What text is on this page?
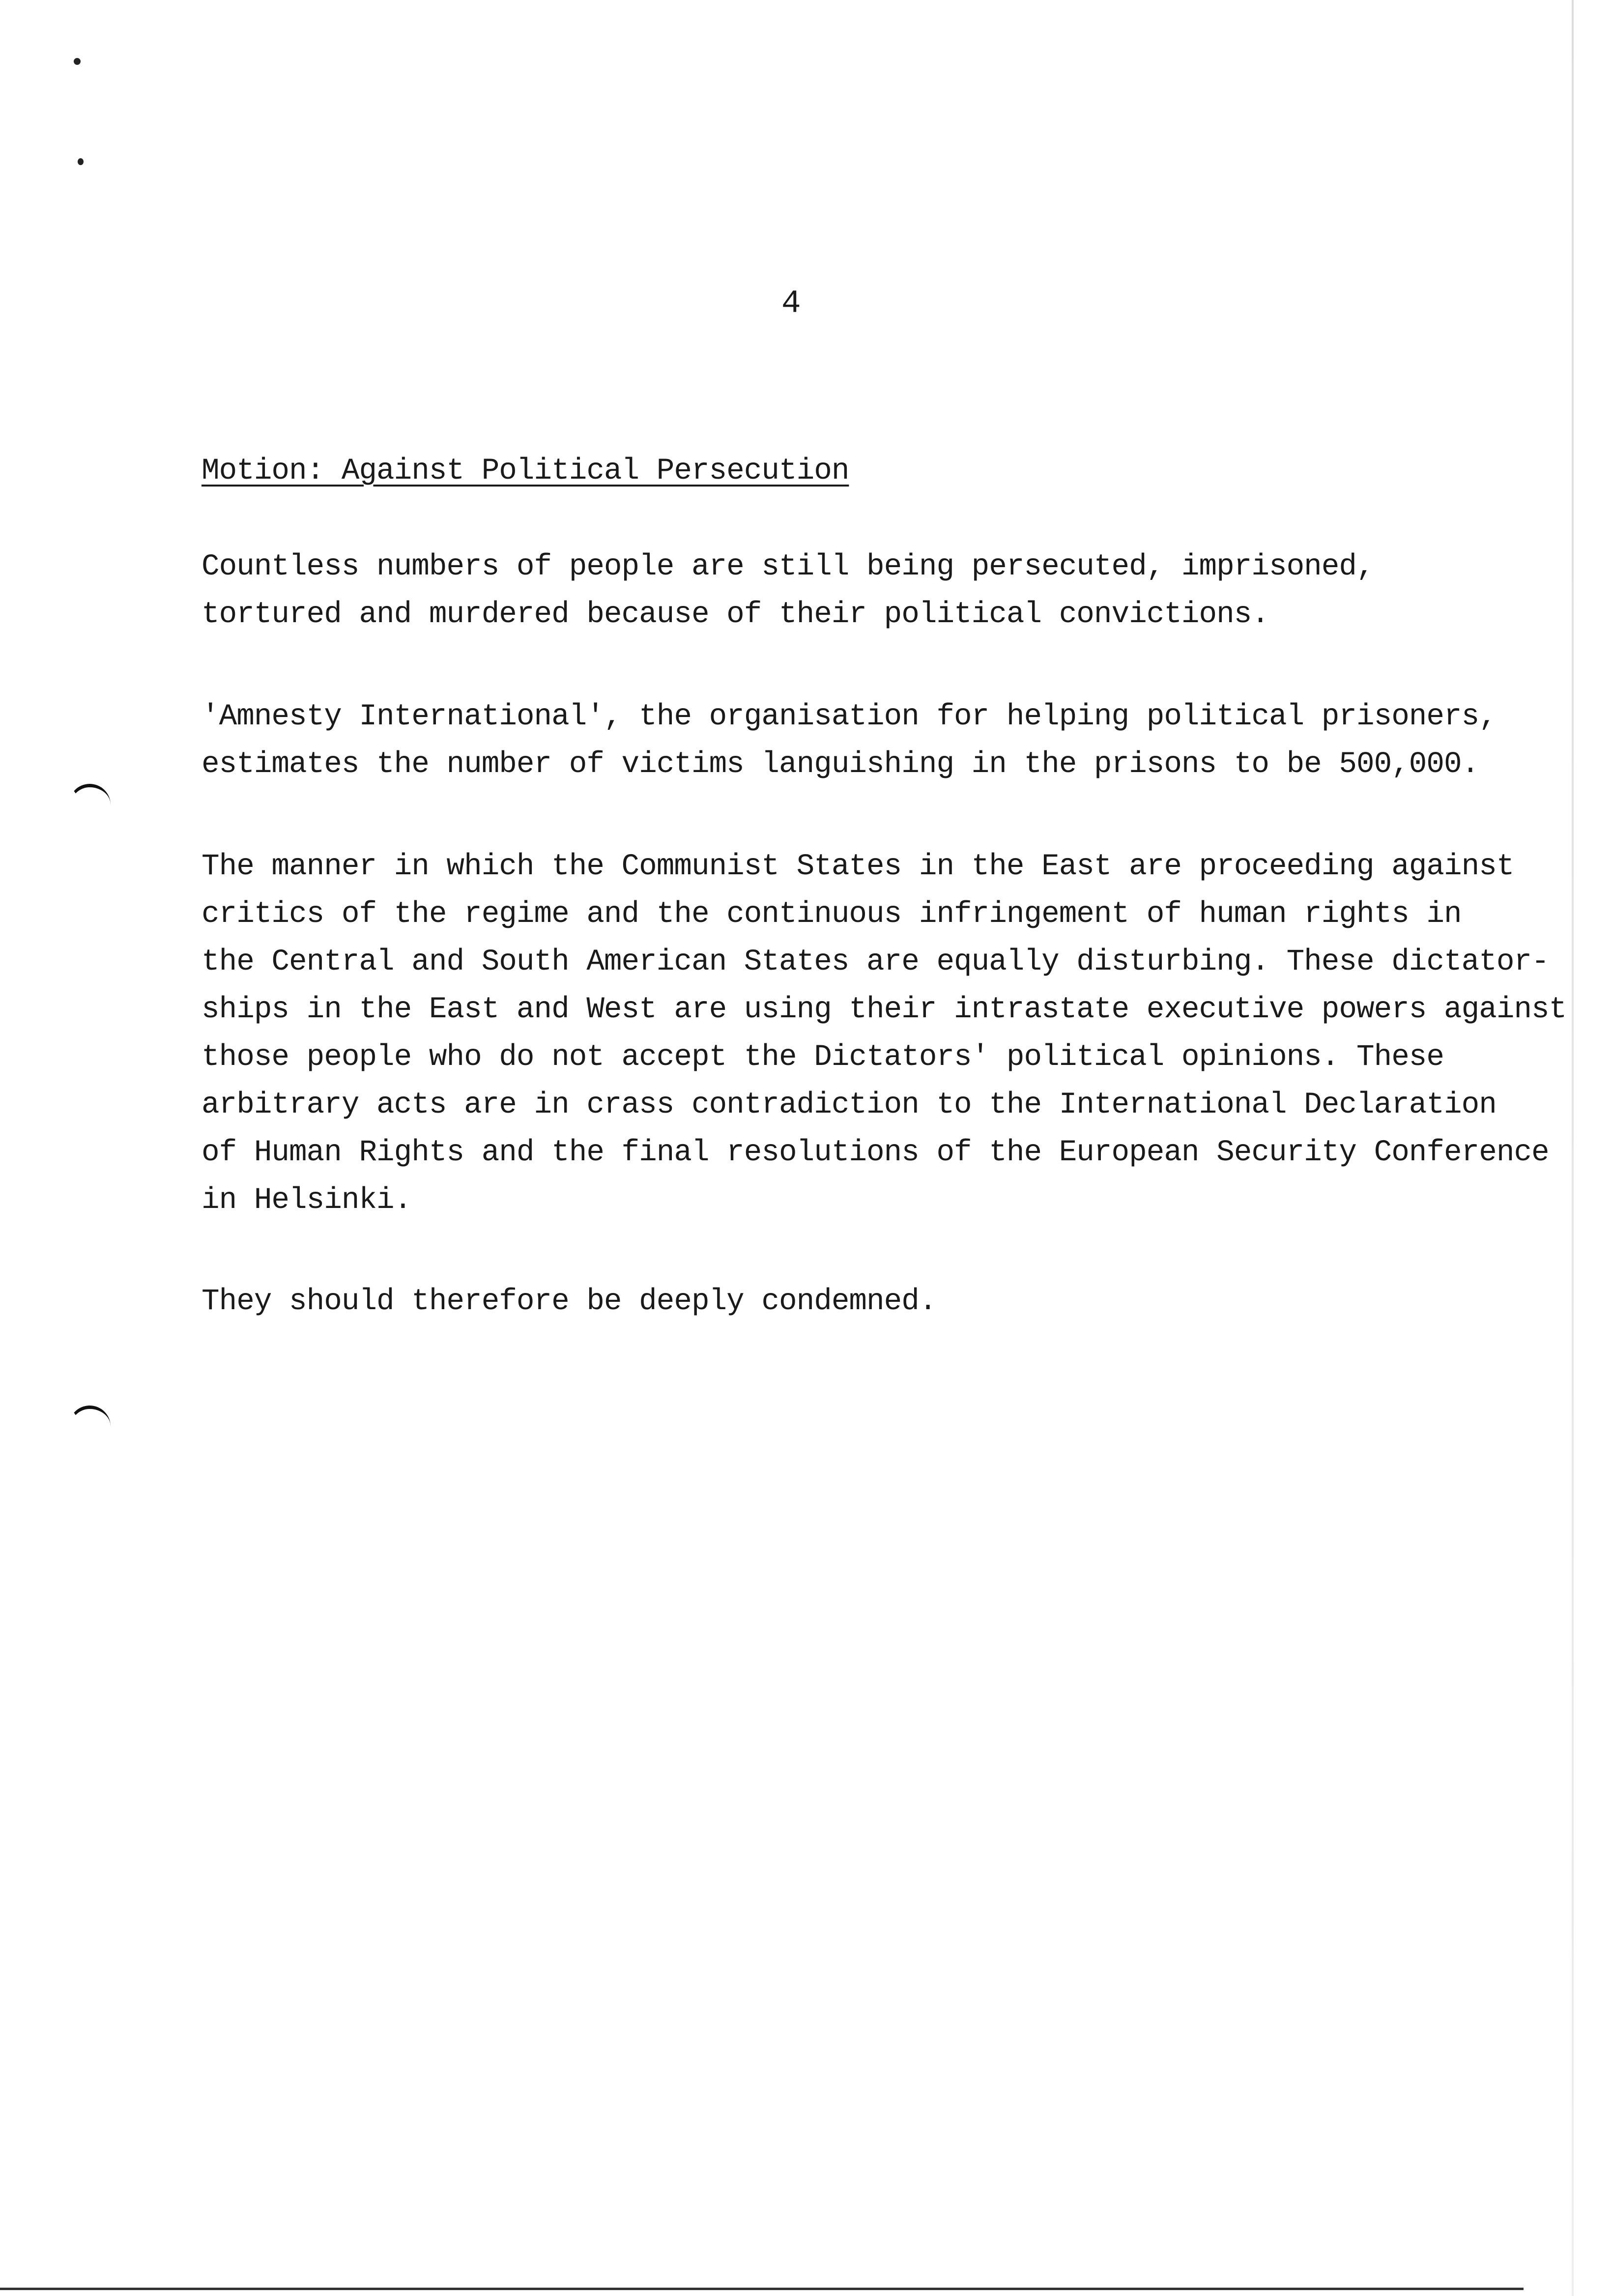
4
Motion: Against Political Persecution
Countless numbers of people are still being persecuted, imprisoned,
tortured and murdered because of their political convictions.
'Amnesty International', the organisation for helping political prisoners,
estimates the number of victims languishing in the prisons to be 500,000.
The manner in which the Communist States in the East are proceeding against
critics of the regime and the continuous infringement of human rights in
the Central and South American States are equally disturbing. These dictator-
ships in the East and West are using their intrastate executive powers against
those people who do not accept the Dictators' political opinions. These
arbitrary acts are in crass contradiction to the International Declaration
of Human Rights and the final resolutions of the European Security Conference
in Helsinki.
They should therefore be deeply condemned.
